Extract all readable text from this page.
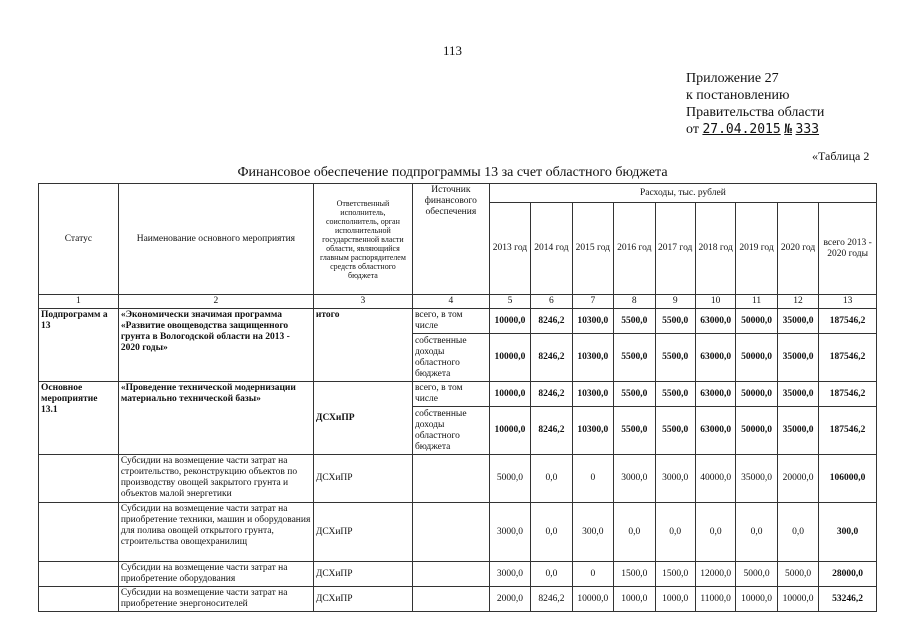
113
Приложение 27
к постановлению
Правительства области
от 27.04.2015 № 333
«Таблица 2
Финансовое обеспечение подпрограммы 13 за счет областного бюджета
Статус	Наименование основного мероприятия	Ответственный исполнитель, соисполнитель, орган исполнительной государственной власти области, являющийся главным распорядителем средств областного бюджета	Источник финансового обеспечения	Расходы, тыс. рублей								
				2013 год	2014 год	2015 год	2016 год	2017 год	2018 год	2019 год	2020 год	всего 2013 - 2020 годы
1	2	3	4	5	6	7	8	9	10	11	12	13
Подпрограмм а 13	«Экономически значимая программа «Развитие овощеводства защищенного грунта в Вологодской области на 2013 - 2020 годы»	итого	всего, в том числе	10000,0	8246,2	10300,0	5500,0	5500,0	63000,0	50000,0	35000,0	187546,2
			собственные доходы областного бюджета	10000,0	8246,2	10300,0	5500,0	5500,0	63000,0	50000,0	35000,0	187546,2
Основное мероприятие 13.1	«Проведение технической модернизации материально технической базы»	ДСХиПР	всего, в том числе	10000,0	8246,2	10300,0	5500,0	5500,0	63000,0	50000,0	35000,0	187546,2
			собственные доходы областного бюджета	10000,0	8246,2	10300,0	5500,0	5500,0	63000,0	50000,0	35000,0	187546,2
	Субсидии на возмещение части затрат на строительство, реконструкцию объектов по производству овощей закрытого грунта и объектов малой энергетики	ДСХиПР		5000,0	0,0	0	3000,0	3000,0	40000,0	35000,0	20000,0	106000,0
	Субсидии на возмещение части затрат на приобретение техники, машин и оборудования для полива овощей открытого грунта, строительства овощехранилищ	ДСХиПР		3000,0	0,0	300,0	0,0	0,0	0,0	0,0	0,0	300,0
	Субсидии на возмещение части затрат на приобретение оборудования	ДСХиПР		3000,0	0,0	0	1500,0	1500,0	12000,0	5000,0	5000,0	28000,0
	Субсидии на возмещение части затрат на приобретение энергоносителей	ДСХиПР		2000,0	8246,2	10000,0	1000,0	1000,0	11000,0	10000,0	10000,0	53246,2
